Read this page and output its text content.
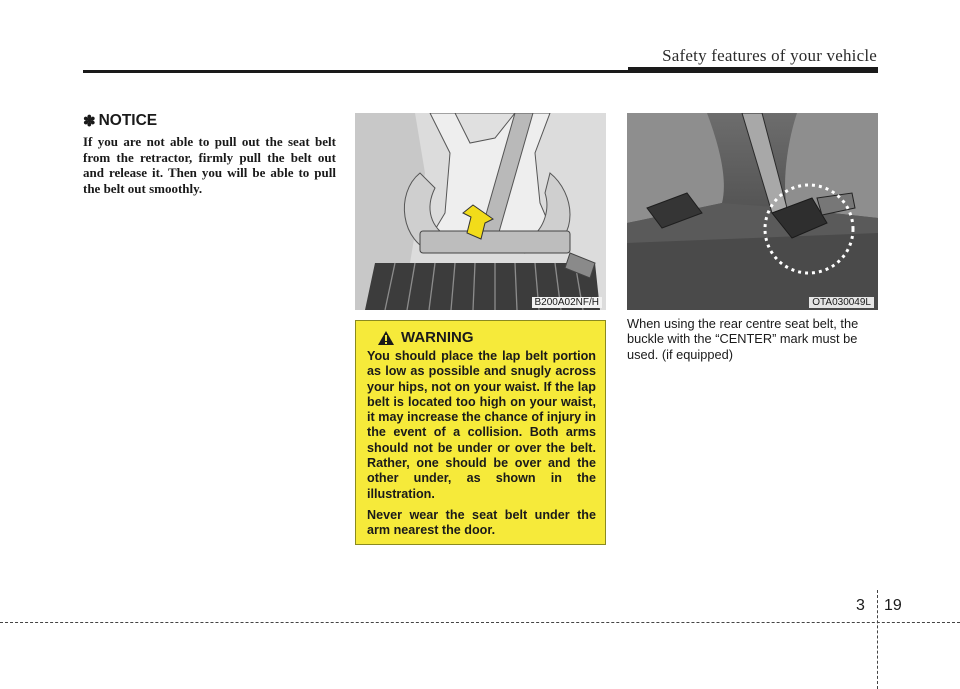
Safety features of your vehicle
✽ NOTICE

If you are not able to pull out the seat belt from the retractor, firmly pull the belt out and release it. Then you will be able to pull the belt out smoothly.

B200A02NF/H	OTA030049L
WARNING

You should place the lap belt portion as low as possible and snugly across your hips, not on your waist. If the lap belt is located too high on your waist, it may increase the chance of injury in the event of a collision. Both arms should not be under or over the belt. Rather, one should be over and the other under, as shown in the illustration.

Never wear the seat belt under the arm nearest the door.

When using the rear centre seat belt, the buckle with the “CENTER” mark must be used. (if equipped)

3 19
